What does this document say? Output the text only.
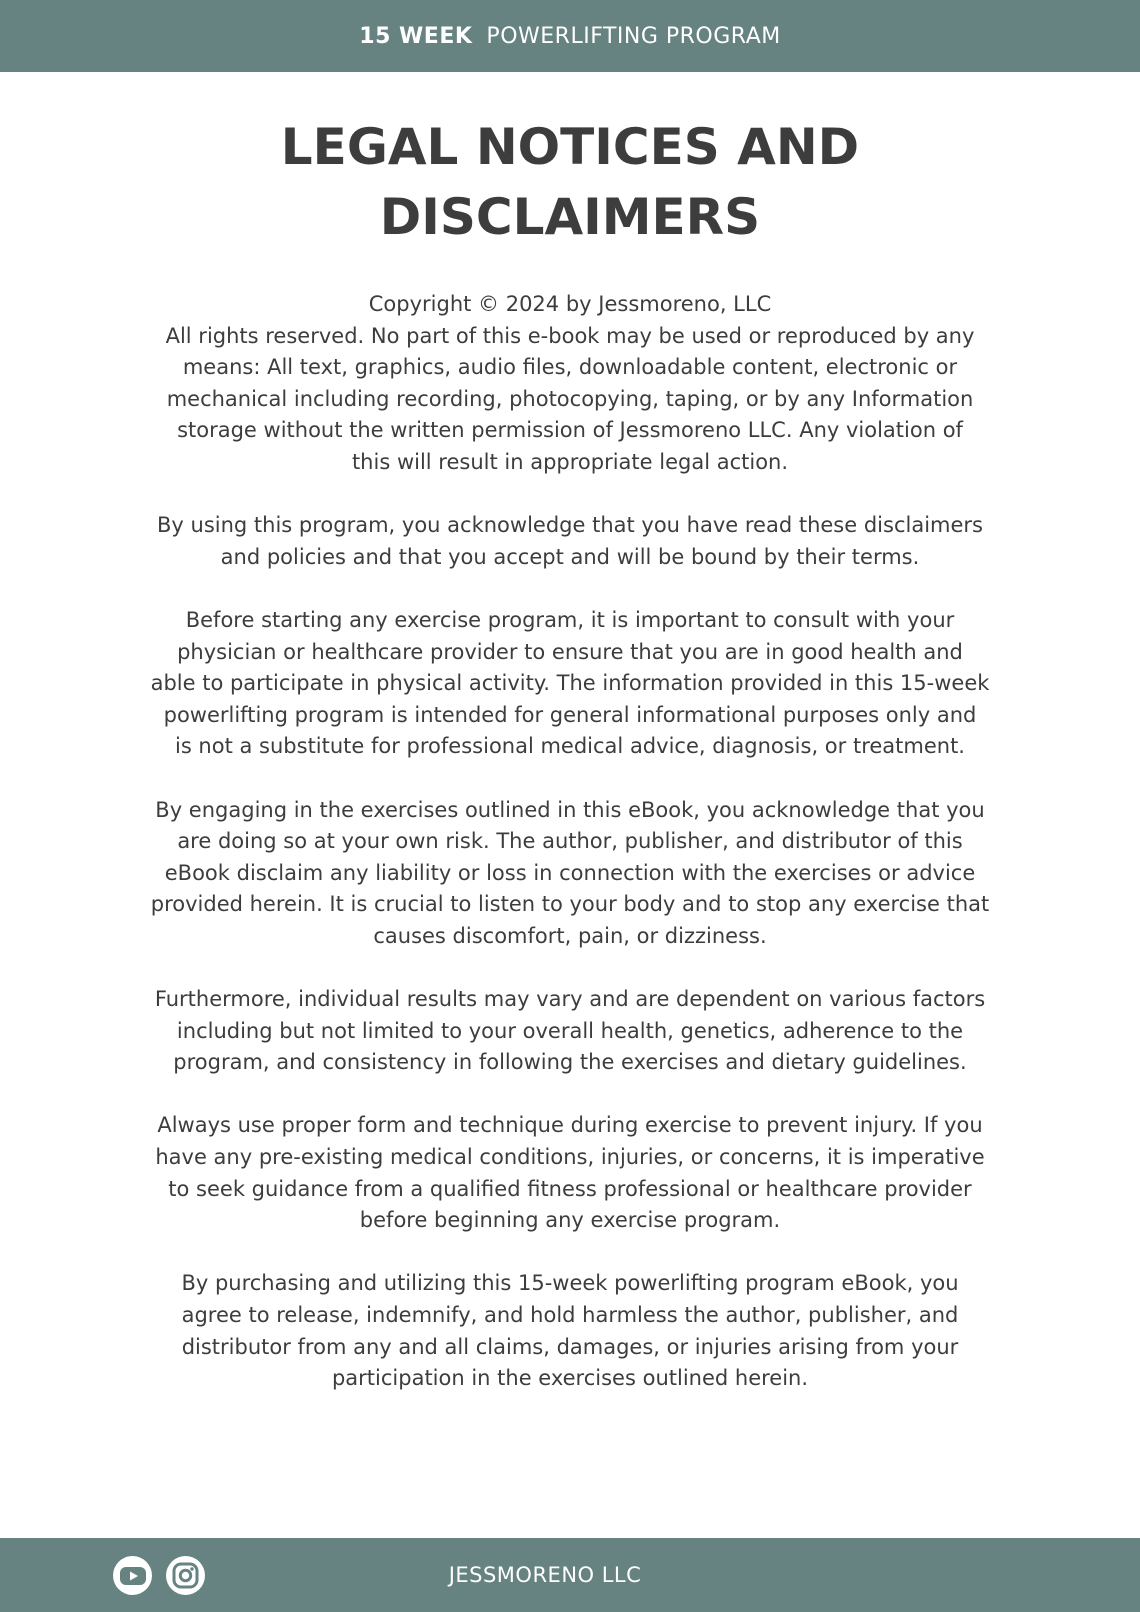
15 WEEK POWERLIFTING PROGRAM
LEGAL NOTICES AND
DISCLAIMERS

Copyright © 2024 by Jessmoreno, LLC
All rights reserved. No part of this e-book may be used or reproduced by any
means: All text, graphics, audio files, downloadable content, electronic or
mechanical including recording, photocopying, taping, or by any Information
storage without the written permission of Jessmoreno LLC. Any violation of
this will result in appropriate legal action.

By using this program, you acknowledge that you have read these disclaimers
and policies and that you accept and will be bound by their terms.

Before starting any exercise program, it is important to consult with your
physician or healthcare provider to ensure that you are in good health and
able to participate in physical activity. The information provided in this 15-week
powerlifting program is intended for general informational purposes only and
is not a substitute for professional medical advice, diagnosis, or treatment.

By engaging in the exercises outlined in this eBook, you acknowledge that you
are doing so at your own risk. The author, publisher, and distributor of this
eBook disclaim any liability or loss in connection with the exercises or advice
provided herein. It is crucial to listen to your body and to stop any exercise that
causes discomfort, pain, or dizziness.

Furthermore, individual results may vary and are dependent on various factors
including but not limited to your overall health, genetics, adherence to the
program, and consistency in following the exercises and dietary guidelines.

Always use proper form and technique during exercise to prevent injury. If you
have any pre-existing medical conditions, injuries, or concerns, it is imperative
to seek guidance from a qualified fitness professional or healthcare provider
before beginning any exercise program.

By purchasing and utilizing this 15-week powerlifting program eBook, you
agree to release, indemnify, and hold harmless the author, publisher, and
distributor from any and all claims, damages, or injuries arising from your
participation in the exercises outlined herein.

JESSMORENO LLC
